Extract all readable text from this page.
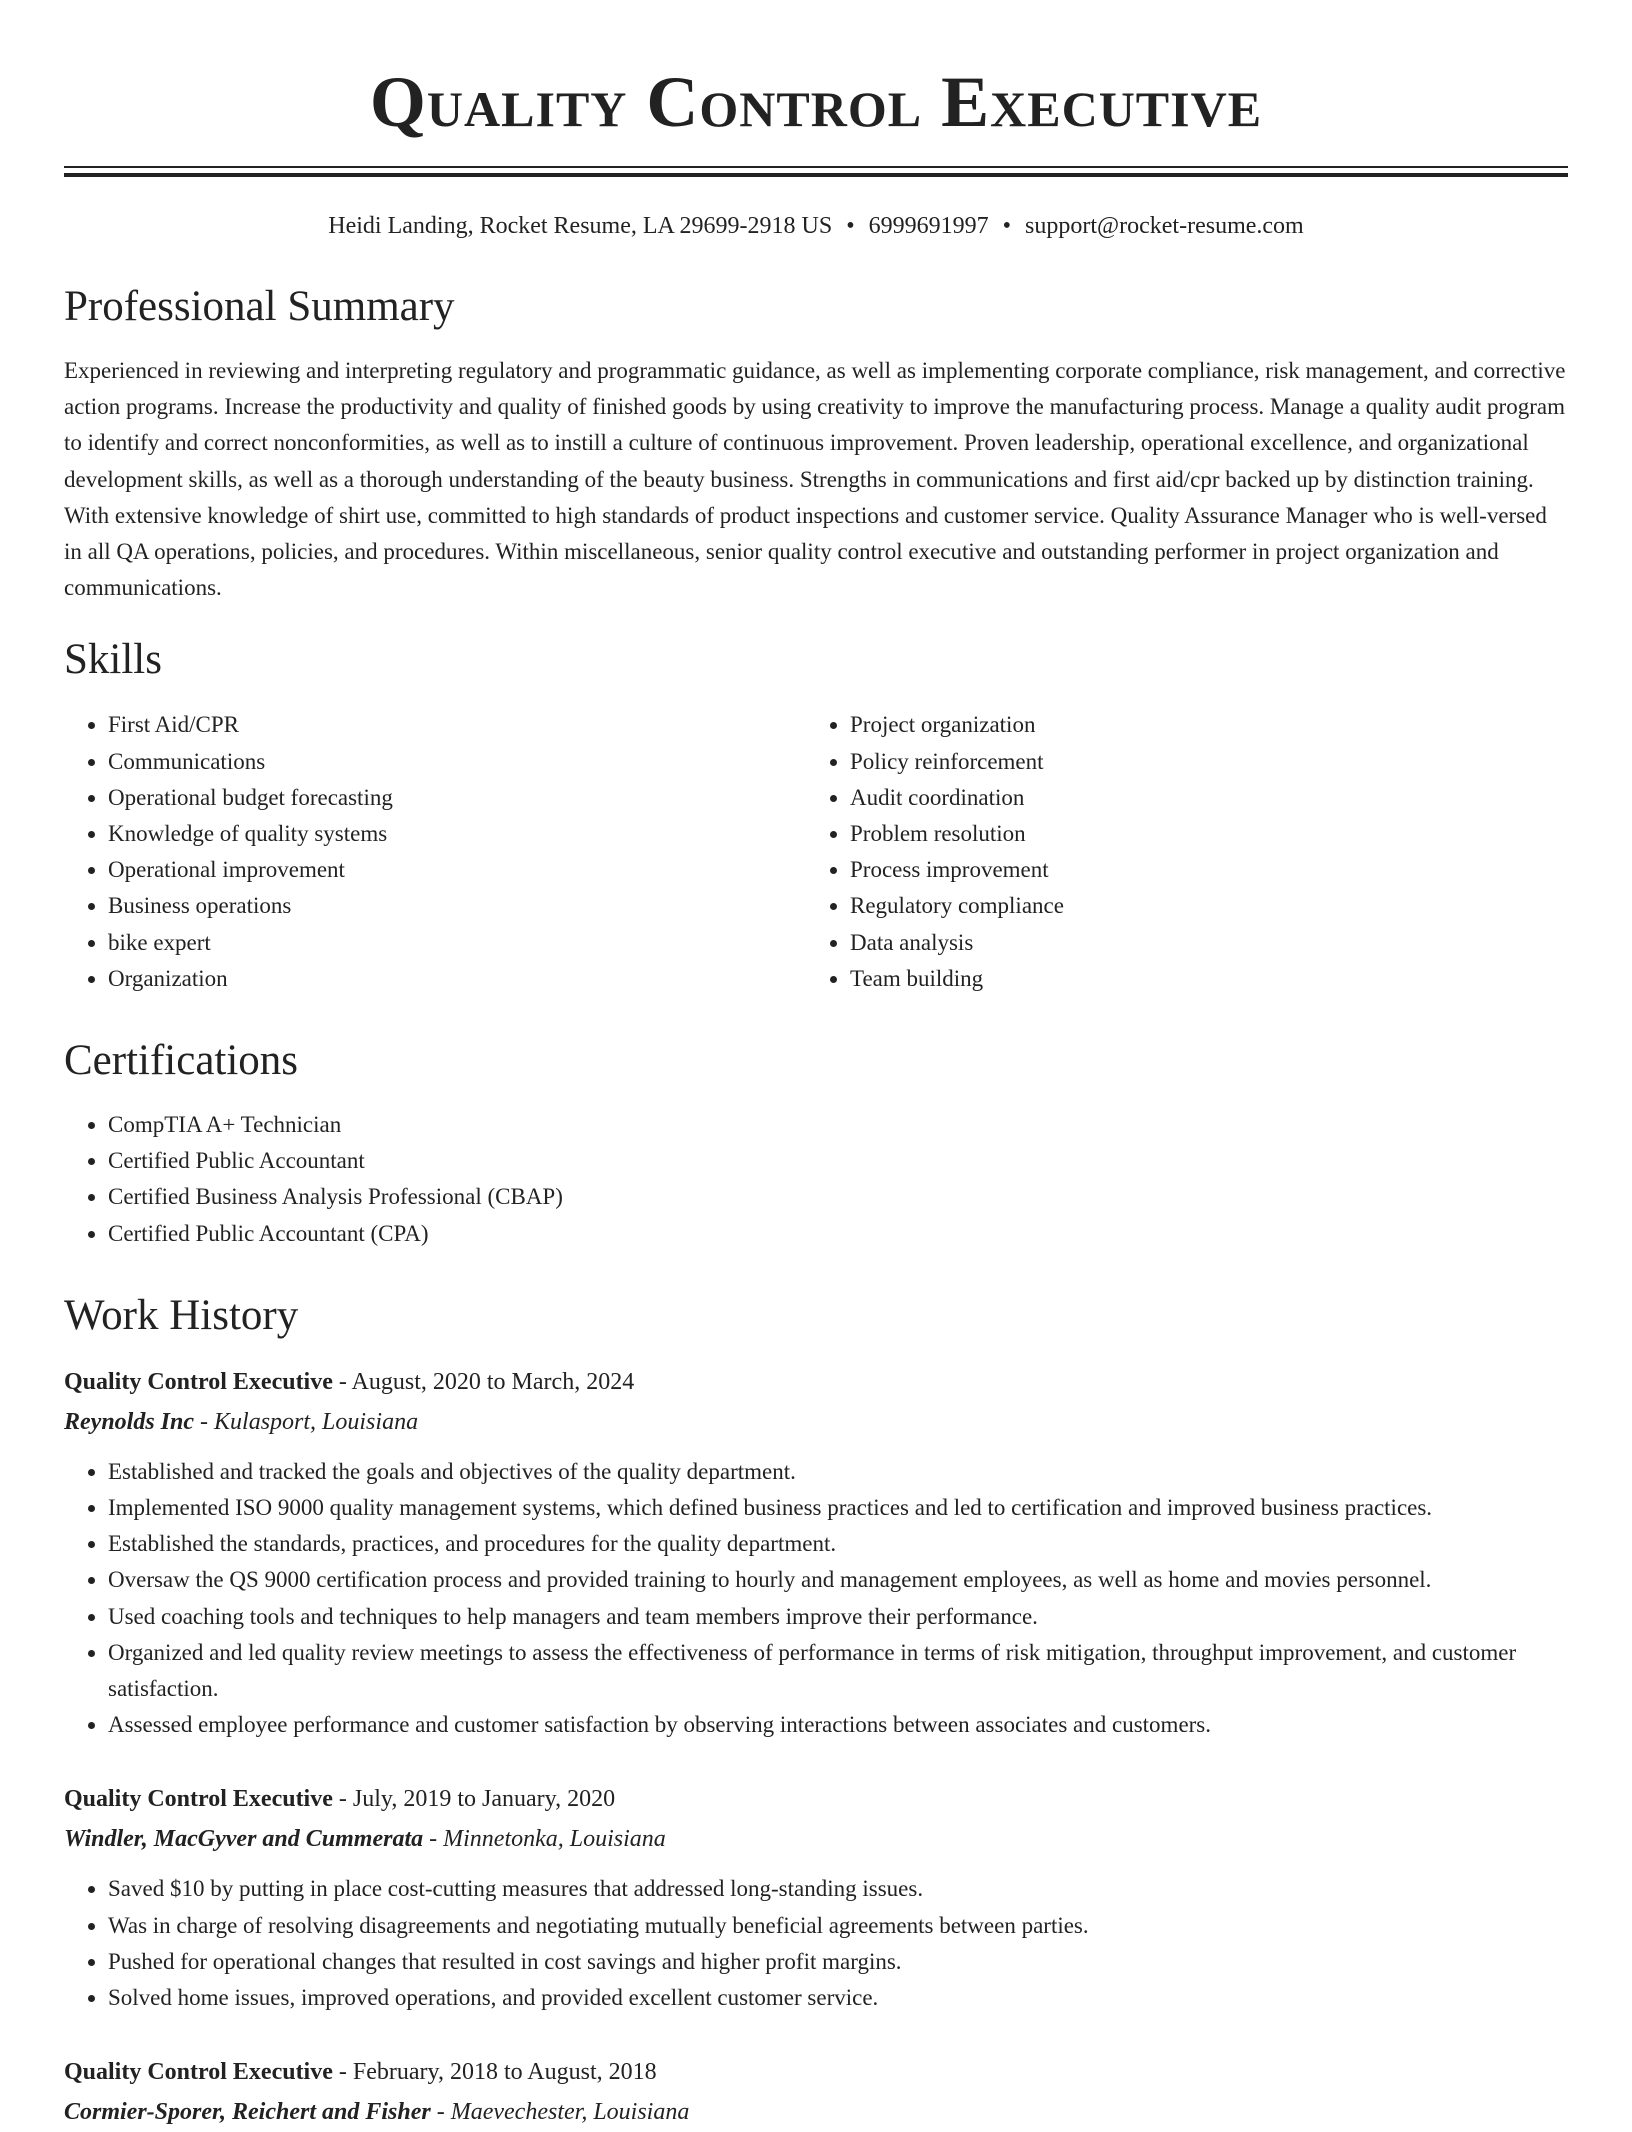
Quality Control Executive
Heidi Landing, Rocket Resume, LA 29699-2918 US • 6999691997 • support@rocket-resume.com
Professional Summary

Experienced in reviewing and interpreting regulatory and programmatic guidance, as well as implementing corporate compliance, risk management, and corrective action programs. Increase the productivity and quality of finished goods by using creativity to improve the manufacturing process. Manage a quality audit program to identify and correct nonconformities, as well as to instill a culture of continuous improvement. Proven leadership, operational excellence, and organizational development skills, as well as a thorough understanding of the beauty business. Strengths in communications and first aid/cpr backed up by distinction training. With extensive knowledge of shirt use, committed to high standards of product inspections and customer service. Quality Assurance Manager who is well-versed in all QA operations, policies, and procedures. Within miscellaneous, senior quality control executive and outstanding performer in project organization and communications.

Skills
• First Aid/CPR
• Communications
• Operational budget forecasting
• Knowledge of quality systems
• Operational improvement
• Business operations
• bike expert
• Organization
• Project organization
• Policy reinforcement
• Audit coordination
• Problem resolution
• Process improvement
• Regulatory compliance
• Data analysis
• Team building
Certifications
• CompTIA A+ Technician
• Certified Public Accountant
• Certified Business Analysis Professional (CBAP)
• Certified Public Accountant (CPA)
Work History
Quality Control Executive - August, 2020 to March, 2024
Reynolds Inc - Kulasport, Louisiana
• Established and tracked the goals and objectives of the quality department.
• Implemented ISO 9000 quality management systems, which defined business practices and led to certification and improved business practices.
• Established the standards, practices, and procedures for the quality department.
• Oversaw the QS 9000 certification process and provided training to hourly and management employees, as well as home and movies personnel.
• Used coaching tools and techniques to help managers and team members improve their performance.
• Organized and led quality review meetings to assess the effectiveness of performance in terms of risk mitigation, throughput improvement, and customer satisfaction.
• Assessed employee performance and customer satisfaction by observing interactions between associates and customers.
Quality Control Executive - July, 2019 to January, 2020
Windler, MacGyver and Cummerata - Minnetonka, Louisiana
• Saved $10 by putting in place cost-cutting measures that addressed long-standing issues.
• Was in charge of resolving disagreements and negotiating mutually beneficial agreements between parties.
• Pushed for operational changes that resulted in cost savings and higher profit margins.
• Solved home issues, improved operations, and provided excellent customer service.
Quality Control Executive - February, 2018 to August, 2018
Cormier-Sporer, Reichert and Fisher - Maevechester, Louisiana
